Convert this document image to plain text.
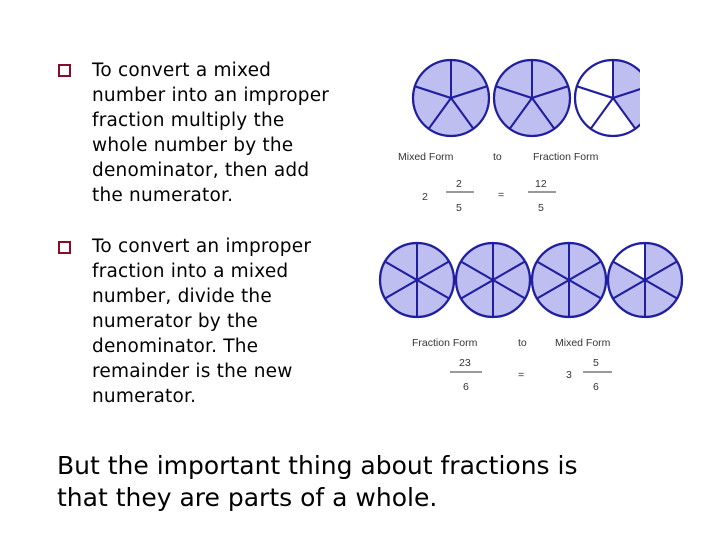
To convert a mixed
number into an improper
fraction multiply the
whole number by the
denominator, then add
the numerator.
To convert an improper
fraction into a mixed
number, divide the
numerator by the
denominator. The
remainder is the new
numerator.
Mixed Form	to	Fraction Form
2
2
5
=
12
5
Fraction Form	to	Mixed Form
23
6
=	3
5
6
But the important thing about fractions is
that they are parts of a whole.
